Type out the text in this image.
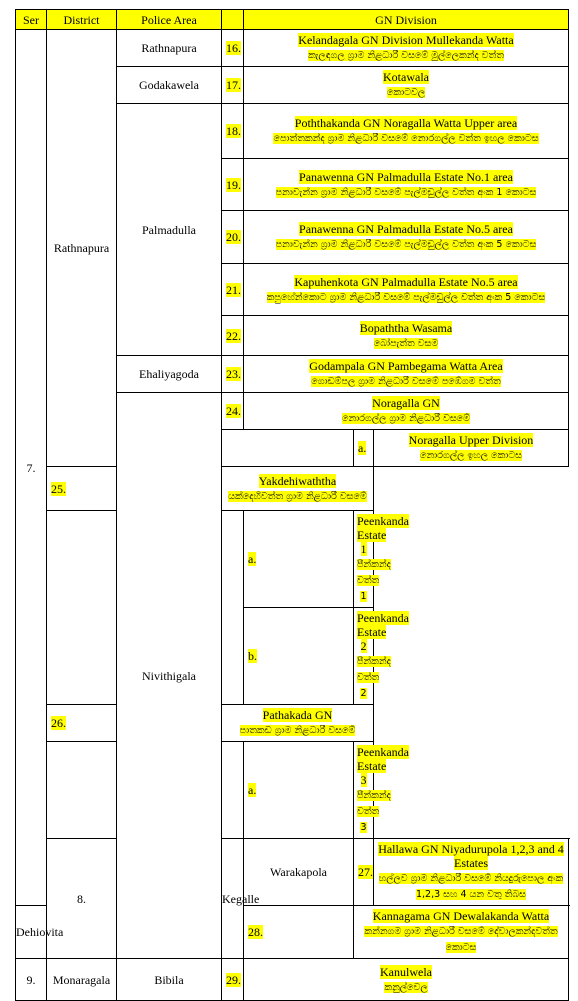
Ser	District	Police Area		GN Division		
7.	Rathnapura	Rathnapura	16.	Kelandagala GN Division Mullekanda Watta
කැලඳගල ග්‍රාම නිළධාරී වසමේ මුල්ලෙකන්ද වත්ත		
		Godakawela	17.	Kotawala
කොටවල		
		Palmadulla	18.	Poththakanda GN Noragalla Watta Upper area
පොත්තකන්ද ග්‍රාම නිළධාරී වසමේ නොරගල්ල වත්ත ඉහල කොටස		
			19.	Panawenna GN Palmadulla Estate No.1 area
පනාවැන්න ග්‍රාම නිළධාරී වසමේ පැල්මඩුල්ල වත්ත අංක 1 කොටස		
			20.	Panawenna GN Palmadulla Estate No.5 area
පනාවැන්න ග්‍රාම නිළධාරී වසමේ පැල්මඩුල්ල වත්ත අංක 5 කොටස		
			21.	Kapuhenkota GN Palmadulla Estate No.5 area
කපුහේන්කොට ග්‍රාම නිළධාරී වසමේ පැල්මඩුල්ල වත්ත අංක 5 කොටස		
			22.	Bopaththa Wasama
බෝපැත්ත වසම		
		Ehaliyagoda	23.	Godampala GN Pambegama Watta Area
ගොඩම්පල ග්‍රාම නිළධාරී වසමේ පඹේගම වත්ත		
		Nivithigala	24.	Noragalla GN
නොරගල්ල ග්‍රාම නිළධාරී වසමේ		
					a.	Noragalla Upper Division
නොරගල්ල ඉහල කොටස
	25.		Yakdehiwaththa
යක්දෙහිවත්ත ග්‍රාම නිළධාරී වසමේ			
				a.	Peenkanda Estate 1
පීන්කන්ද වත්ත 1	
				b.	Peenkanda Estate 2
පීන්කන්ද වත්ත 2	
	26.		Pathakada GN
පාතකඩ ග්‍රාම නිළධාරී වසමේ			
				a.	Peenkanda Estate 3
පීන්කන්ද වත්ත 3	
	8.		Kegalle	Warakapola	27.	Hallawa GN Niyadurupola 1,2,3 and 4 Estates
හල්ලව ග්‍රාම නිළධාරී වසමේ නියදුරුපොල අංක 1,2,3 සහ 4 යන වතු තිබස
Dehiovita				28.	Kannagama GN Dewalakanda Watta
කන්නගම ග්‍රාම නිළධාරී වසමේ දේවාලකන්දවත්ත කොටස	
9.	Monaragala	Bibila	29.	Kanulwela
කනුල්වෙල		
